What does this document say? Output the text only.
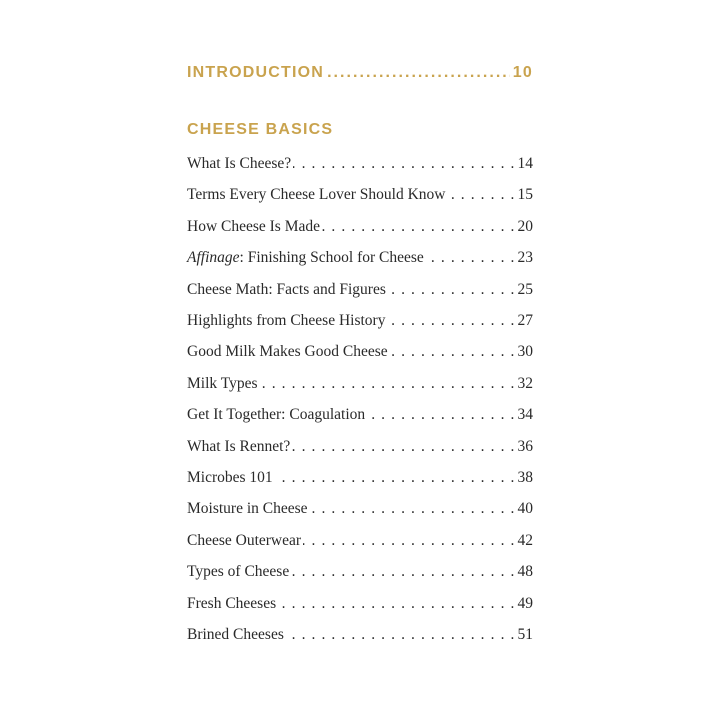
INTRODUCTION . . .	10
CHEESE BASICS
What Is Cheese? . . .	14
Terms Every Cheese Lover Should Know . . .	15
How Cheese Is Made . . .	20
Affinage: Finishing School for Cheese . . .	23
Cheese Math: Facts and Figures . . .	25
Highlights from Cheese History . . .	27
Good Milk Makes Good Cheese . . .	30
Milk Types . . .	32
Get It Together: Coagulation . . .	34
What Is Rennet? . . .	36
Microbes 101 . . .	38
Moisture in Cheese . . .	40
Cheese Outerwear . . .	42
Types of Cheese . . .	48
Fresh Cheeses . . .	49
Brined Cheeses . . .	51
